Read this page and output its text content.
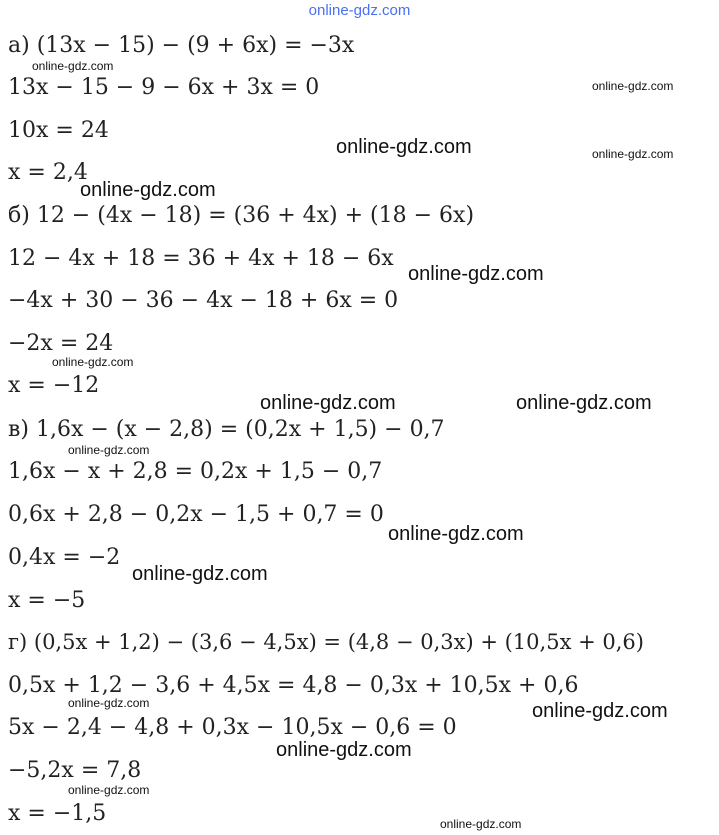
online-gdz.com
а) (13x − 15) − (9 + 6x) = −3x
13x − 15 − 9 − 6x + 3x = 0
10x = 24
x = 2,4
б) 12 − (4x − 18) = (36 + 4x) + (18 − 6x)
12 − 4x + 18 = 36 + 4x + 18 − 6x
−4x + 30 − 36 − 4x − 18 + 6x = 0
−2x = 24
x = −12
в) 1,6x − (x − 2,8) = (0,2x + 1,5) − 0,7
1,6x − x + 2,8 = 0,2x + 1,5 − 0,7
0,6x + 2,8 − 0,2x − 1,5 + 0,7 = 0
0,4x = −2
x = −5
г) (0,5x + 1,2) − (3,6 − 4,5x) = (4,8 − 0,3x) + (10,5x + 0,6)
0,5x + 1,2 − 3,6 + 4,5x = 4,8 − 0,3x + 10,5x + 0,6
5x − 2,4 − 4,8 + 0,3x − 10,5x − 0,6 = 0
−5,2x = 7,8
x = −1,5
online-gdz.com
online-gdz.com
online-gdz.com	online-gdz.com
online-gdz.com
online-gdz.com
online-gdz.com
online-gdz.com	online-gdz.com
online-gdz.com
online-gdz.com
online-gdz.com
online-gdz.com	online-gdz.com
online-gdz.com
online-gdz.com
online-gdz.com
